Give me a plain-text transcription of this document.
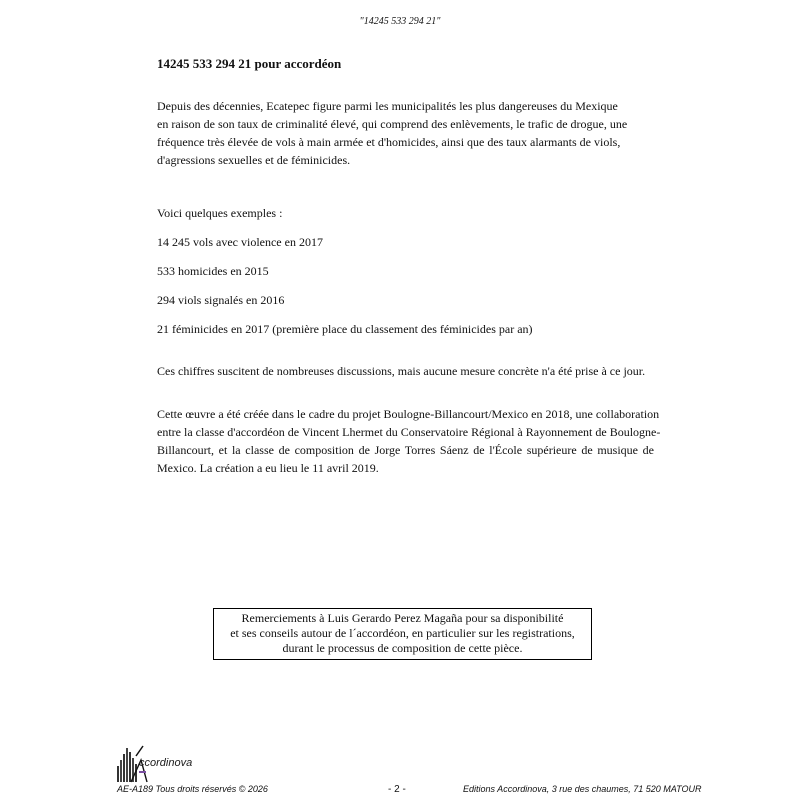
"14245 533 294 21"
14245 533 294 21 pour accordéon

Depuis des décennies, Ecatepec figure parmi les municipalités les plus dangereuses du Mexique
en raison de son taux de criminalité élevé, qui comprend des enlèvements, le trafic de drogue, une
fréquence très élevée de vols à main armée et d'homicides, ainsi que des taux alarmants de viols,
d'agressions sexuelles et de féminicides.

Voici quelques exemples :

14 245 vols avec violence en 2017

533 homicides en 2015

294 viols signalés en 2016

21 féminicides en 2017 (première place du classement des féminicides par an)

Ces chiffres suscitent de nombreuses discussions, mais aucune mesure concrète n'a été prise à ce jour.

Cette œuvre a été créée dans le cadre du projet Boulogne-Billancourt/Mexico en 2018, une collaboration
entre la classe d'accordéon de Vincent Lhermet du Conservatoire Régional à Rayonnement de Boulogne-
Billancourt, et la classe de composition de Jorge Torres Sáenz de l'École supérieure de musique de
Mexico. La création a eu lieu le 11 avril 2019.

Remerciements à Luis Gerardo Perez Magaña pour sa disponibilité
et ses conseils autour de l´accordéon, en particulier sur les registrations,
durant le processus de composition de cette pièce.
ccordinova
AE-A189 Tous droits réservés © 2026	- 2 -	Editions Accordinova, 3 rue des chaumes, 71 520 MATOUR
